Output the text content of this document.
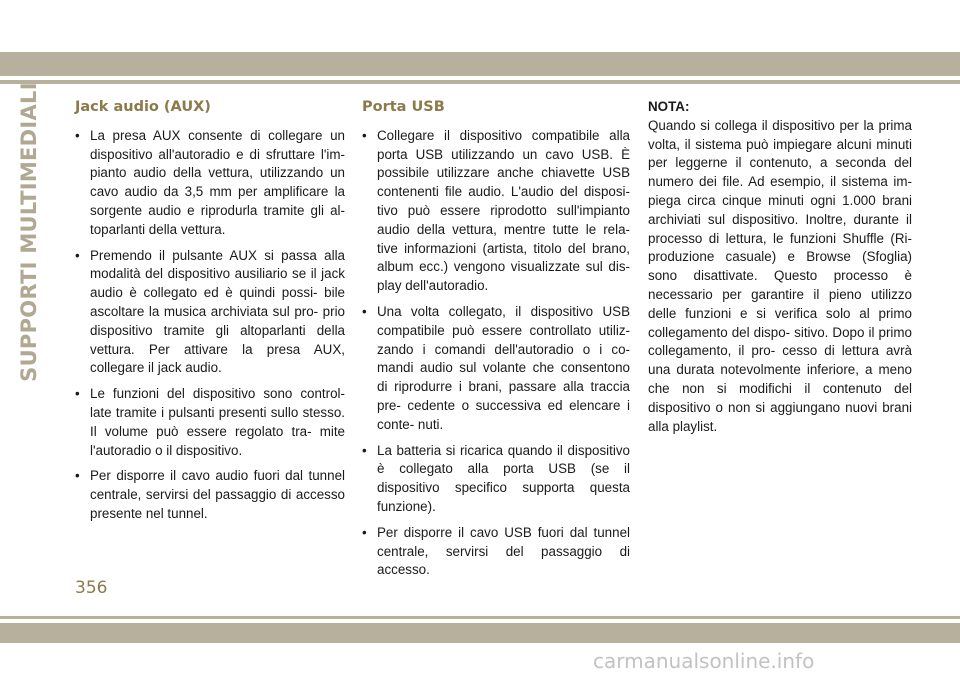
SUPPORTI MULTIMEDIALI Jack audio (AUX)
• La presa AUX consente di collegare un dispositivo all'autoradio e di sfruttare l'im- pianto audio della vettura, utilizzando un cavo audio da 3,5 mm per amplificare la sorgente audio e riprodurla tramite gli al- toparlanti della vettura.
• Premendo il pulsante AUX si passa alla modalità del dispositivo ausiliario se il jack audio è collegato ed è quindi possi- bile ascoltare la musica archiviata sul pro- prio dispositivo tramite gli altoparlanti della vettura. Per attivare la presa AUX, collegare il jack audio.
• Le funzioni del dispositivo sono control- late tramite i pulsanti presenti sullo stesso. Il volume può essere regolato tra- mite l'autoradio o il dispositivo.
• Per disporre il cavo audio fuori dal tunnel centrale, servirsi del passaggio di accesso presente nel tunnel.
Porta USB
• Collegare il dispositivo compatibile alla porta USB utilizzando un cavo USB. È possibile utilizzare anche chiavette USB contenenti file audio. L'audio del disposi- tivo può essere riprodotto sull'impianto audio della vettura, mentre tutte le rela- tive informazioni (artista, titolo del brano, album ecc.) vengono visualizzate sul dis- play dell'autoradio.
• Una volta collegato, il dispositivo USB compatibile può essere controllato utiliz- zando i comandi dell'autoradio o i co- mandi audio sul volante che consentono di riprodurre i brani, passare alla traccia pre- cedente o successiva ed elencare i conte- nuti.
• La batteria si ricarica quando il dispositivo è collegato alla porta USB (se il dispositivo specifico supporta questa funzione).
• Per disporre il cavo USB fuori dal tunnel centrale, servirsi del passaggio di accesso.

NOTA:

Quando si collega il dispositivo per la prima volta, il sistema può impiegare alcuni minuti per leggerne il contenuto, a seconda del numero dei file. Ad esempio, il sistema im- piega circa cinque minuti ogni 1.000 brani archiviati sul dispositivo. Inoltre, durante il processo di lettura, le funzioni Shuffle (Ri- produzione casuale) e Browse (Sfoglia) sono disattivate. Questo processo è necessario per garantire il pieno utilizzo delle funzioni e si verifica solo al primo collegamento del dispo- sitivo. Dopo il primo collegamento, il pro- cesso di lettura avrà una durata notevolmente inferiore, a meno che non si modifichi il contenuto del dispositivo o non si aggiungano nuovi brani alla playlist.

356
carmanualsonline.info
